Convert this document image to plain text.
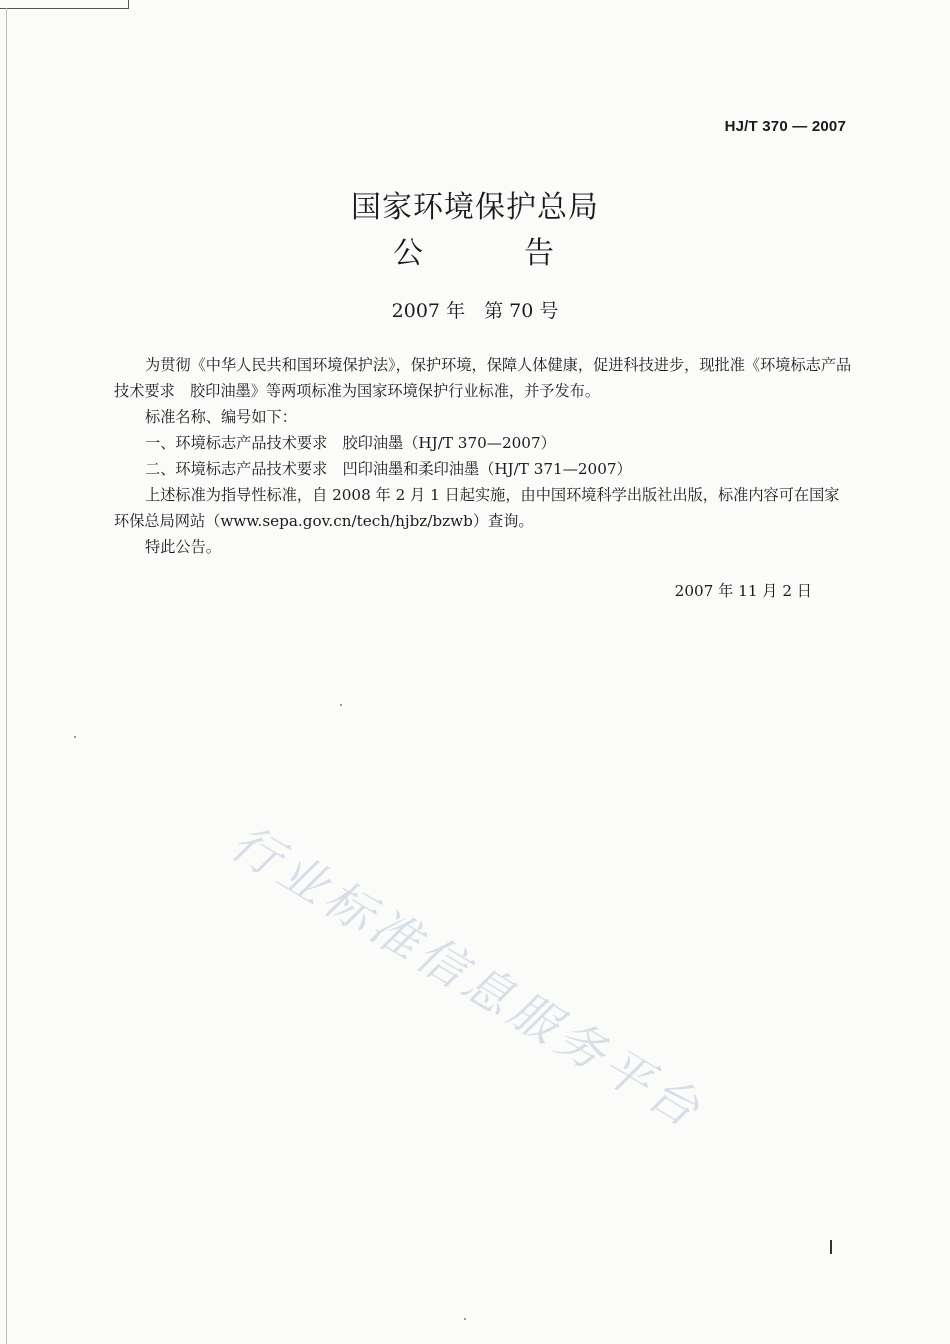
HJ/T 370 — 2007
国家环境保护总局
公	告
2007 年　第 70 号

为贯彻《中华人民共和国环境保护法》，保护环境，保障人体健康，促进科技进步，现批准《环境标志产品技术要求　胶印油墨》等两项标准为国家环境保护行业标准，并予发布。

标准名称、编号如下：

一、环境标志产品技术要求　胶印油墨（HJ/T 370—2007）

二、环境标志产品技术要求　凹印油墨和柔印油墨（HJ/T 371—2007）

上述标准为指导性标准，自 2008 年 2 月 1 日起实施，由中国环境科学出版社出版，标准内容可在国家环保总局网站（www.sepa.gov.cn/tech/hjbz/bzwb）查询。

特此公告。

2007 年 11 月 2 日
行业标准信息服务平台
